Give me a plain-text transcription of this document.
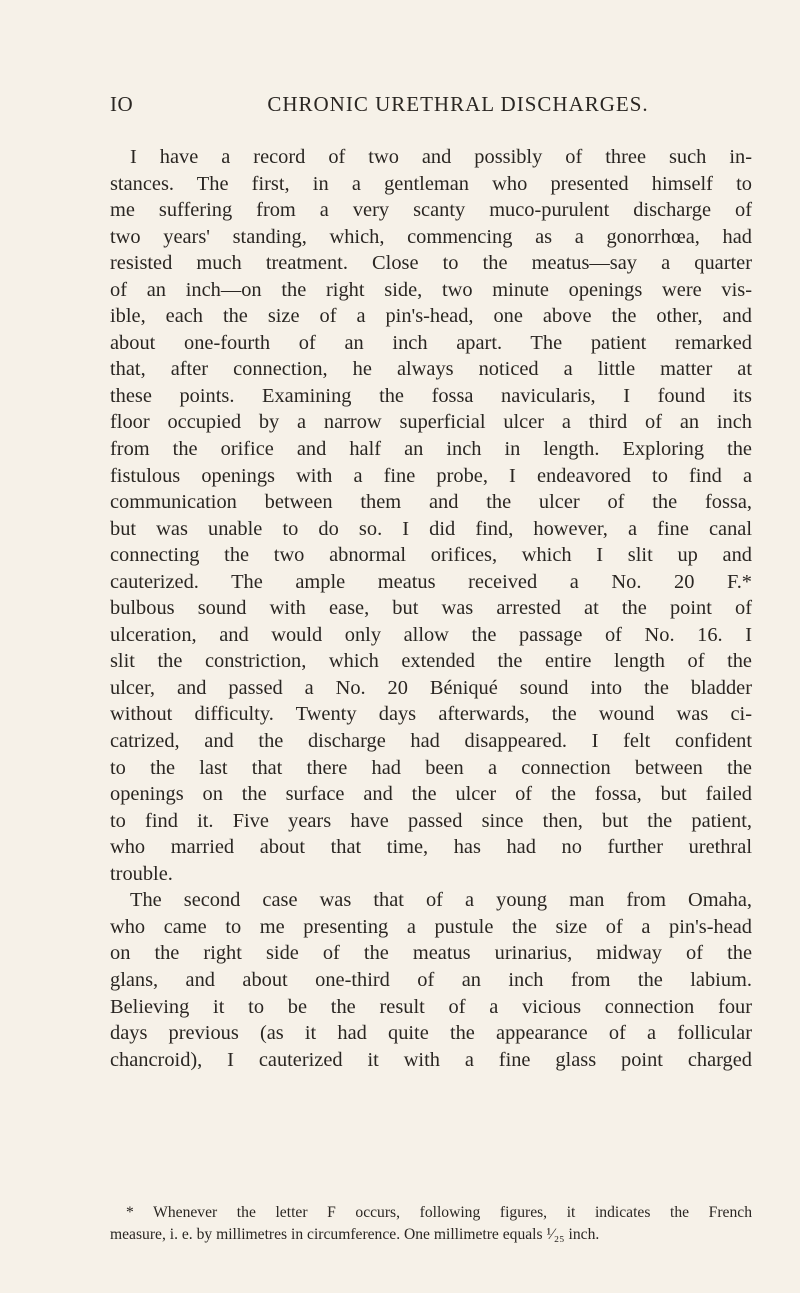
IO	CHRONIC URETHRAL DISCHARGES.
I have a record of two and possibly of three such in-
stances. The first, in a gentleman who presented himself to
me suffering from a very scanty muco-purulent discharge of
two years' standing, which, commencing as a gonorrhœa, had
resisted much treatment. Close to the meatus—say a quarter
of an inch—on the right side, two minute openings were vis-
ible, each the size of a pin's-head, one above the other, and
about one-fourth of an inch apart. The patient remarked
that, after connection, he always noticed a little matter at
these points. Examining the fossa navicularis, I found its
floor occupied by a narrow superficial ulcer a third of an inch
from the orifice and half an inch in length. Exploring the
fistulous openings with a fine probe, I endeavored to find a
communication between them and the ulcer of the fossa,
but was unable to do so. I did find, however, a fine canal
connecting the two abnormal orifices, which I slit up and
cauterized. The ample meatus received a No. 20 F.*
bulbous sound with ease, but was arrested at the point of
ulceration, and would only allow the passage of No. 16. I
slit the constriction, which extended the entire length of the
ulcer, and passed a No. 20 Béniqué sound into the bladder
without difficulty. Twenty days afterwards, the wound was ci-
catrized, and the discharge had disappeared. I felt confident
to the last that there had been a connection between the
openings on the surface and the ulcer of the fossa, but failed
to find it. Five years have passed since then, but the patient,
who married about that time, has had no further urethral
trouble.
The second case was that of a young man from Omaha,
who came to me presenting a pustule the size of a pin's-head
on the right side of the meatus urinarius, midway of the
glans, and about one-third of an inch from the labium.
Believing it to be the result of a vicious connection four
days previous (as it had quite the appearance of a follicular
chancroid), I cauterized it with a fine glass point charged
* Whenever the letter F occurs, following figures, it indicates the French
measure, i. e. by millimetres in circumference. One millimetre equals ¹⁄₂₅ inch.
